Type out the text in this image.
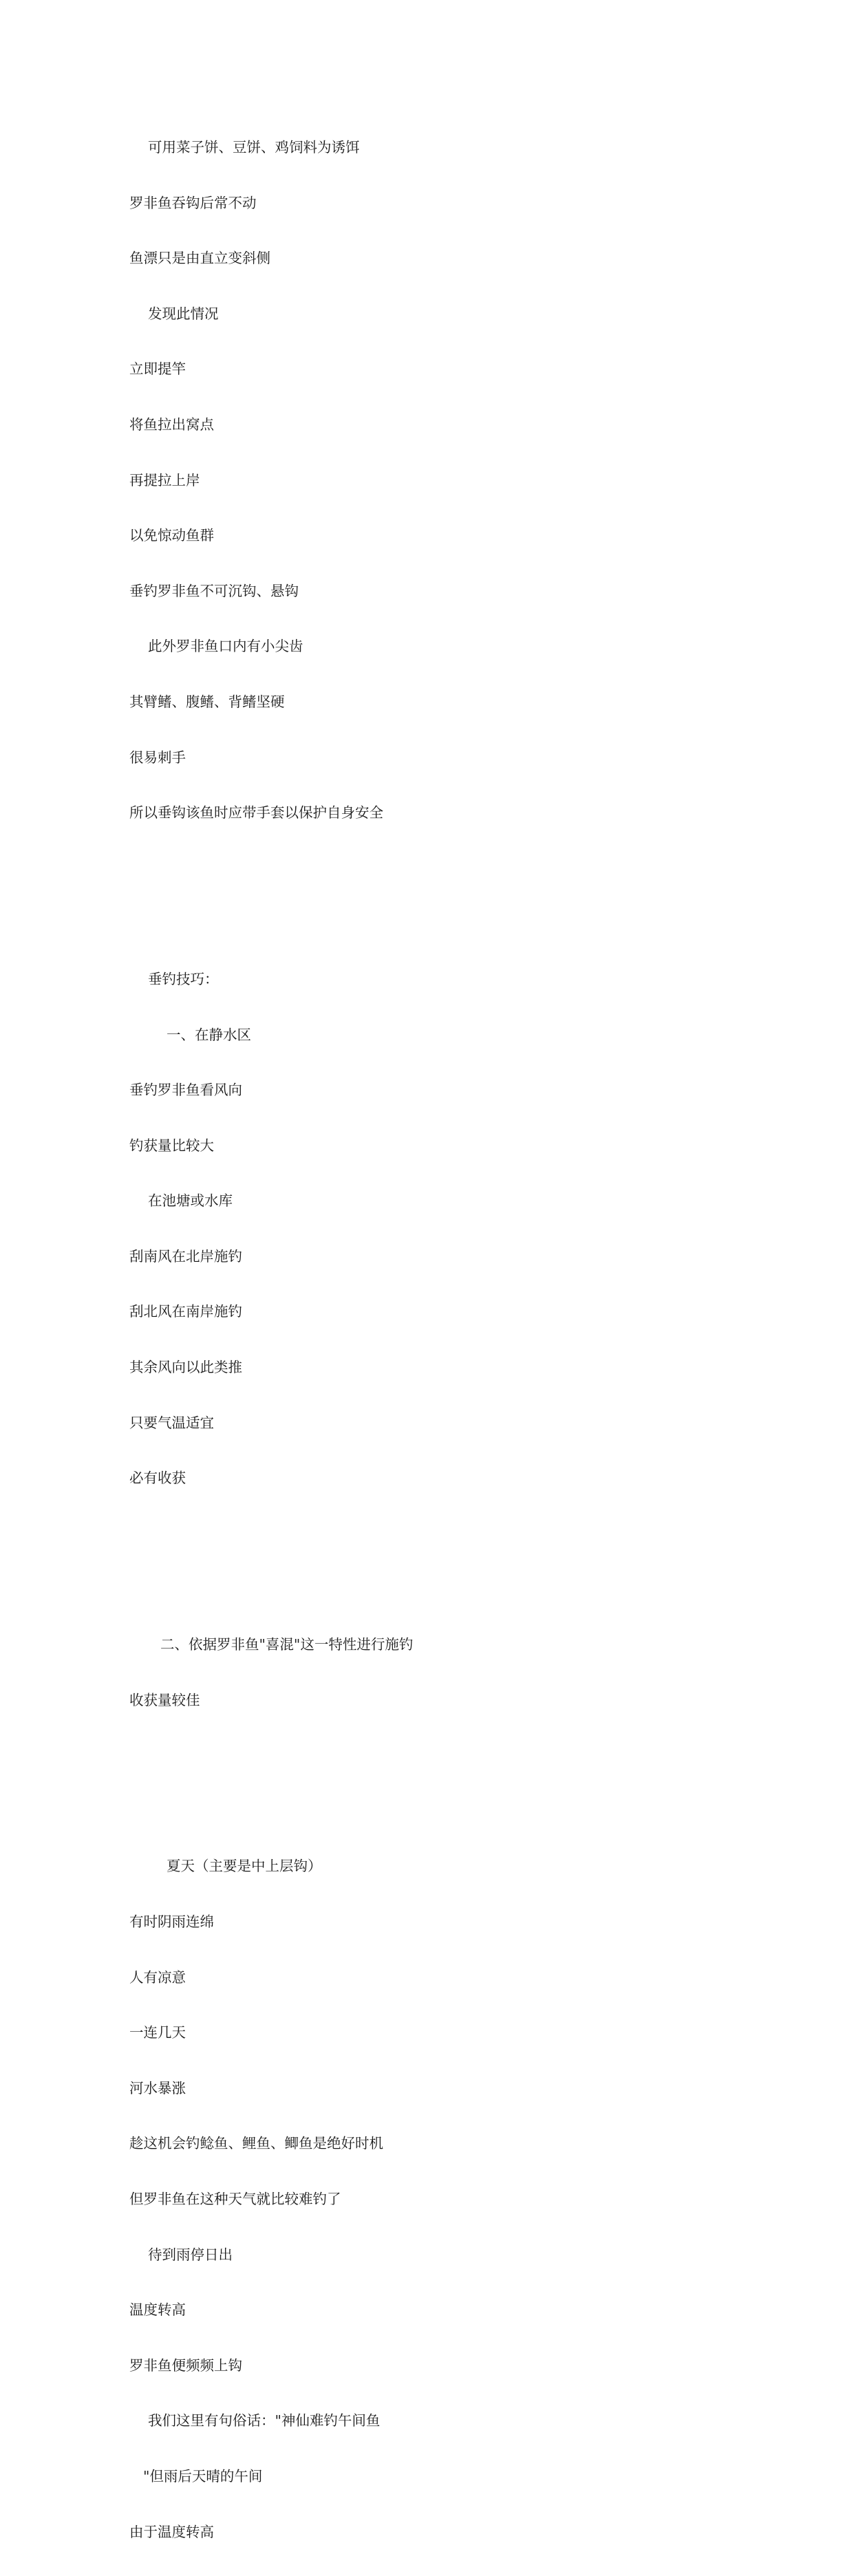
可用菜子饼、豆饼、鸡饲料为诱饵

罗非鱼吞钩后常不动

鱼漂只是由直立变斜侧

发现此情况

立即提竿

将鱼拉出窝点

再提拉上岸

以免惊动鱼群

垂钓罗非鱼不可沉钩、悬钩

此外罗非鱼口内有小尖齿

其臂鳍、腹鳍、背鳍坚硬

很易刺手

所以垂钩该鱼时应带手套以保护自身安全

垂钓技巧：

一、在静水区

垂钓罗非鱼看风向

钓获量比较大

在池塘或水库

刮南风在北岸施钓

刮北风在南岸施钓

其余风向以此类推

只要气温适宜

必有收获

二、依据罗非鱼"喜混"这一特性进行施钓

收获量较佳

夏天（主要是中上层钩）

有时阴雨连绵

人有凉意

一连几天

河水暴涨

趁这机会钓鲶鱼、鲤鱼、鲫鱼是绝好时机

但罗非鱼在这种天气就比较难钓了

待到雨停日出

温度转高

罗非鱼便频频上钩

我们这里有句俗话："神仙难钓午间鱼

"但雨后天晴的午间

由于温度转高
